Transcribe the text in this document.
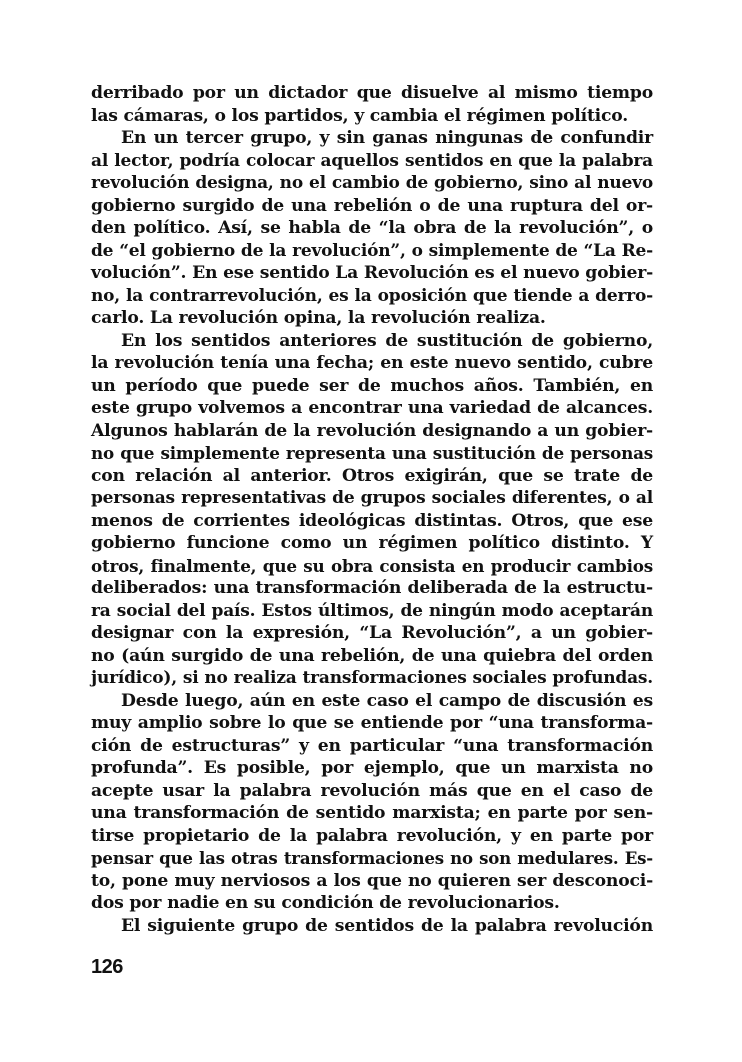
derribado por un dictador que disuelve al mismo tiempo
las cámaras, o los partidos, y cambia el régimen político.
En un tercer grupo, y sin ganas ningunas de confundir
al lector, podría colocar aquellos sentidos en que la palabra
revolución designa, no el cambio de gobierno, sino al nuevo
gobierno surgido de una rebelión o de una ruptura del or-
den político. Así, se habla de “la obra de la revolución”, o
de “el gobierno de la revolución”, o simplemente de “La Re-
volución”. En ese sentido La Revolución es el nuevo gobier-
no, la contrarrevolución, es la oposición que tiende a derro-
carlo. La revolución opina, la revolución realiza.
En los sentidos anteriores de sustitución de gobierno,
la revolución tenía una fecha; en este nuevo sentido, cubre
un período que puede ser de muchos años. También, en
este grupo volvemos a encontrar una variedad de alcances.
Algunos hablarán de la revolución designando a un gobier-
no que simplemente representa una sustitución de personas
con relación al anterior. Otros exigirán, que se trate de
personas representativas de grupos sociales diferentes, o al
menos de corrientes ideológicas distintas. Otros, que ese
gobierno funcione como un régimen político distinto. Y
otros, finalmente, que su obra consista en producir cambios
deliberados: una transformación deliberada de la estructu-
ra social del país. Estos últimos, de ningún modo aceptarán
designar con la expresión, “La Revolución”, a un gobier-
no (aún surgido de una rebelión, de una quiebra del orden
jurídico), si no realiza transformaciones sociales profundas.
Desde luego, aún en este caso el campo de discusión es
muy amplio sobre lo que se entiende por “una transforma-
ción de estructuras” y en particular “una transformación
profunda”. Es posible, por ejemplo, que un marxista no
acepte usar la palabra revolución más que en el caso de
una transformación de sentido marxista; en parte por sen-
tirse propietario de la palabra revolución, y en parte por
pensar que las otras transformaciones no son medulares. Es-
to, pone muy nerviosos a los que no quieren ser desconoci-
dos por nadie en su condición de revolucionarios.
El siguiente grupo de sentidos de la palabra revolución
126
